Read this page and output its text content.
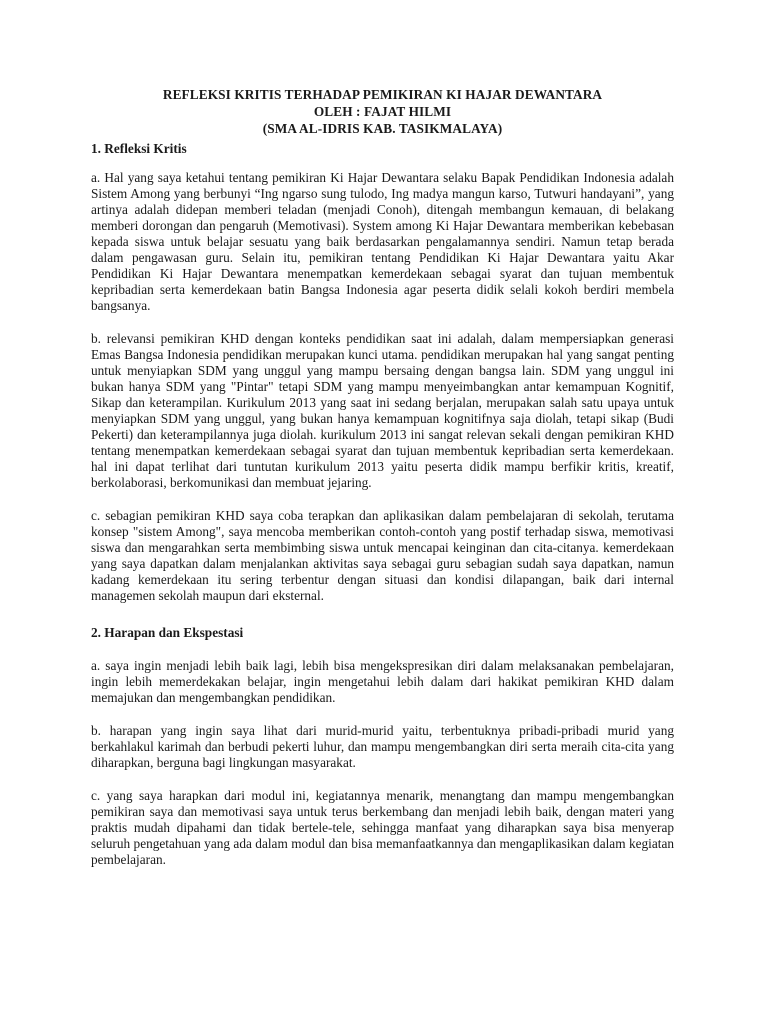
REFLEKSI KRITIS TERHADAP PEMIKIRAN KI HAJAR DEWANTARA
OLEH : FAJAT HILMI
(SMA AL-IDRIS KAB. TASIKMALAYA)
1. Refleksi Kritis

a. Hal yang saya ketahui tentang pemikiran Ki Hajar Dewantara selaku Bapak Pendidikan Indonesia adalah Sistem Among yang berbunyi “Ing ngarso sung tulodo, Ing madya mangun karso, Tutwuri handayani”, yang artinya adalah didepan memberi teladan (menjadi Conoh), ditengah membangun kemauan, di belakang memberi dorongan dan pengaruh (Memotivasi). System among Ki Hajar Dewantara memberikan kebebasan kepada siswa untuk belajar sesuatu yang baik berdasarkan pengalamannya sendiri. Namun tetap berada dalam pengawasan guru. Selain itu, pemikiran tentang Pendidikan Ki Hajar Dewantara yaitu Akar Pendidikan Ki Hajar Dewantara menempatkan kemerdekaan sebagai syarat dan tujuan membentuk kepribadian serta kemerdekaan batin Bangsa Indonesia agar peserta didik selali kokoh berdiri membela bangsanya.

b. relevansi pemikiran KHD dengan konteks pendidikan saat ini adalah, dalam mempersiapkan generasi Emas Bangsa Indonesia pendidikan merupakan kunci utama. pendidikan merupakan hal yang sangat penting untuk menyiapkan SDM yang unggul yang mampu bersaing dengan bangsa lain. SDM yang unggul ini bukan hanya SDM yang "Pintar" tetapi SDM yang mampu menyeimbangkan antar kemampuan Kognitif, Sikap dan keterampilan. Kurikulum 2013 yang saat ini sedang berjalan, merupakan salah satu upaya untuk menyiapkan SDM yang unggul, yang bukan hanya kemampuan kognitifnya saja diolah, tetapi sikap (Budi Pekerti) dan keterampilannya juga diolah. kurikulum 2013 ini sangat relevan sekali dengan pemikiran KHD tentang menempatkan kemerdekaan sebagai syarat dan tujuan membentuk kepribadian serta kemerdekaan. hal ini dapat terlihat dari tuntutan kurikulum 2013 yaitu peserta didik mampu berfikir kritis, kreatif, berkolaborasi, berkomunikasi dan membuat jejaring.

c. sebagian pemikiran KHD saya coba terapkan dan aplikasikan dalam pembelajaran di sekolah, terutama konsep "sistem Among", saya mencoba memberikan contoh-contoh yang postif terhadap siswa, memotivasi siswa dan mengarahkan serta membimbing siswa untuk mencapai keinginan dan cita-citanya. kemerdekaan yang saya dapatkan dalam menjalankan aktivitas saya sebagai guru sebagian sudah saya dapatkan, namun kadang kemerdekaan itu sering terbentur dengan situasi dan kondisi dilapangan, baik dari internal managemen sekolah maupun dari eksternal.

2. Harapan dan Ekspestasi

a. saya ingin menjadi lebih baik lagi, lebih bisa mengekspresikan diri dalam melaksanakan pembelajaran, ingin lebih memerdekakan belajar, ingin mengetahui lebih dalam dari hakikat pemikiran KHD dalam memajukan dan mengembangkan pendidikan.

b. harapan yang ingin saya lihat dari murid-murid yaitu, terbentuknya pribadi-pribadi murid yang berkahlakul karimah dan berbudi pekerti luhur, dan mampu mengembangkan diri serta meraih cita-cita yang diharapkan, berguna bagi lingkungan masyarakat.

c. yang saya harapkan dari modul ini, kegiatannya menarik, menangtang dan mampu mengembangkan pemikiran saya dan memotivasi saya untuk terus berkembang dan menjadi lebih baik, dengan materi yang praktis mudah dipahami dan tidak bertele-tele, sehingga manfaat yang diharapkan saya bisa menyerap seluruh pengetahuan yang ada dalam modul dan bisa memanfaatkannya dan mengaplikasikan dalam kegiatan pembelajaran.
